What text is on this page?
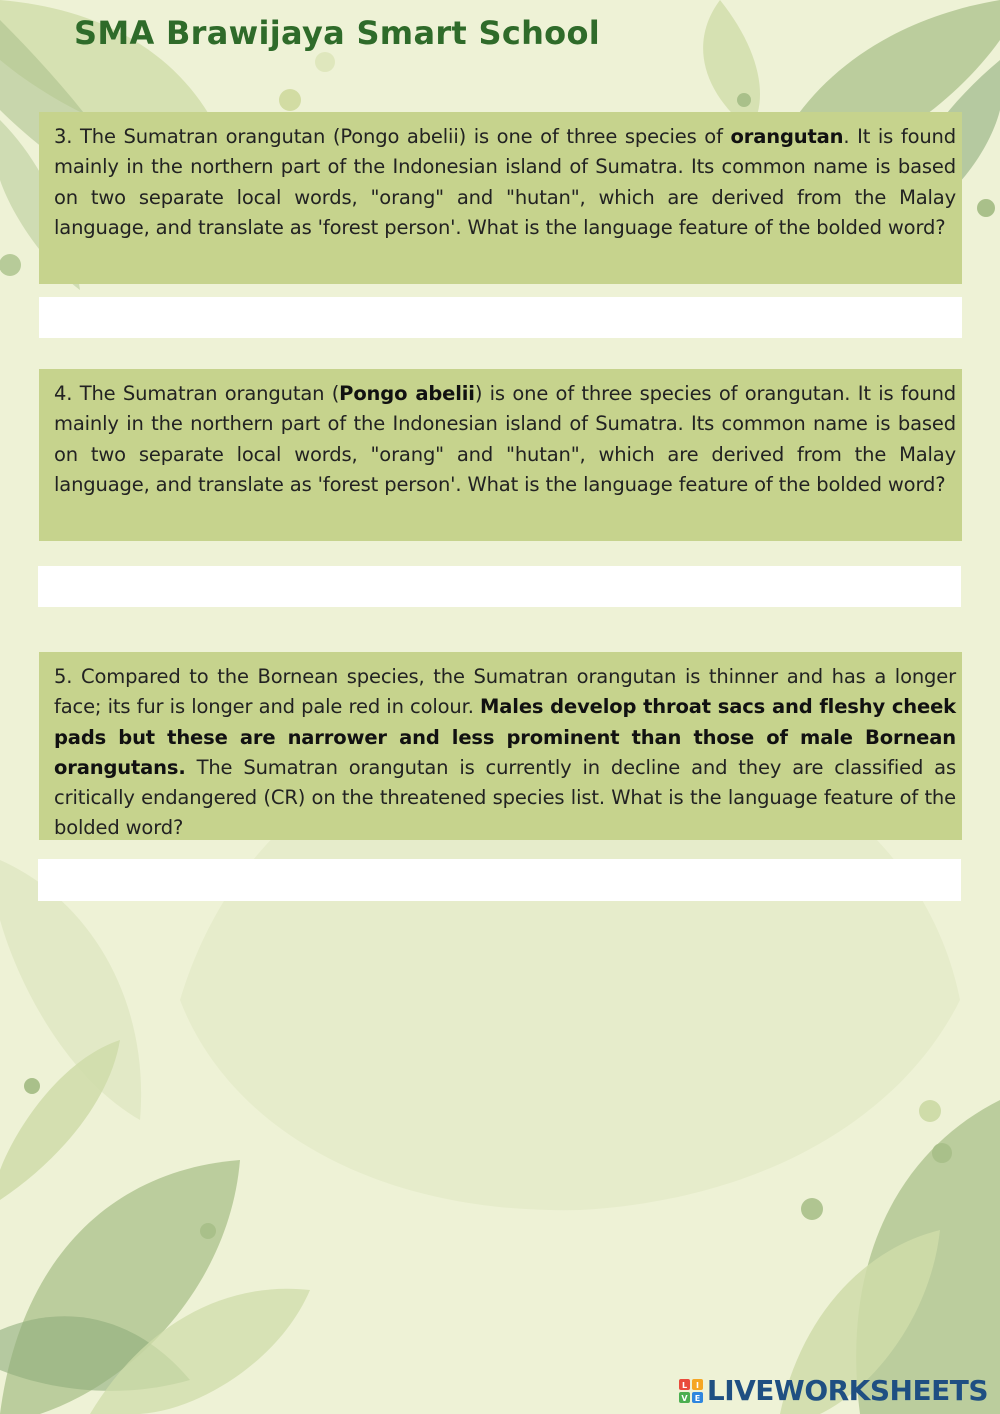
SMA Brawijaya Smart School
3. The Sumatran orangutan (Pongo abelii) is one of three species of orangutan. It is found mainly in the northern part of the Indonesian island of Sumatra. Its common name is based on two separate local words, "orang" and "hutan", which are derived from the Malay language, and translate as 'forest person'. What is the language feature of the bolded word?
4. The Sumatran orangutan (Pongo abelii) is one of three species of orangutan. It is found mainly in the northern part of the Indonesian island of Sumatra. Its common name is based on two separate local words, "orang" and "hutan", which are derived from the Malay language, and translate as 'forest person'. What is the language feature of the bolded word?
5. Compared to the Bornean species, the Sumatran orangutan is thinner and has a longer face; its fur is longer and pale red in colour. Males develop throat sacs and fleshy cheek pads but these are narrower and less prominent than those of male Bornean orangutans. The Sumatran orangutan is currently in decline and they are classified as critically endangered (CR) on the threatened species list. What is the language feature of the bolded word?
L I
V E LIVEWORKSHEETS
